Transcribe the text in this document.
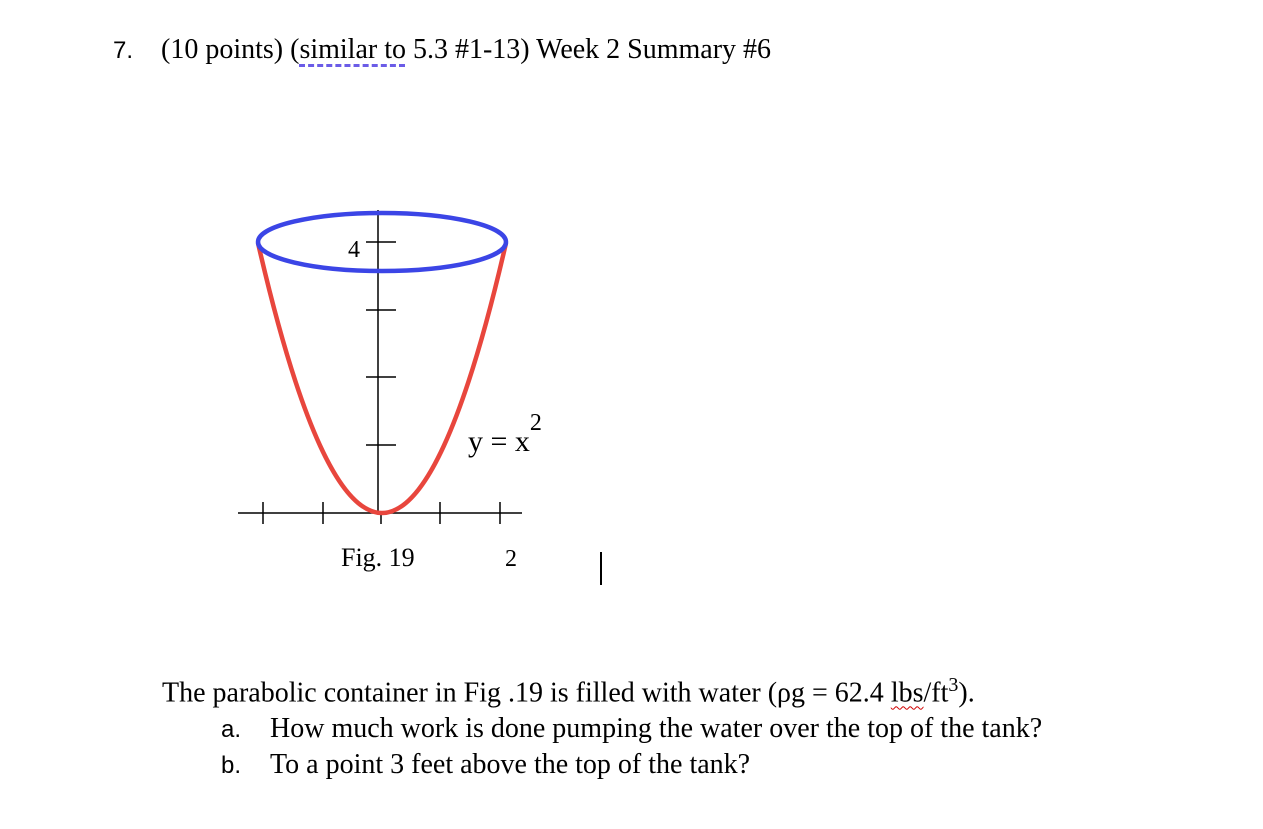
7. (10 points) (similar to 5.3 #1-13) Week 2 Summary #6
4
$y = x^2$
Fig. 19	2

The parabolic container in Fig .19 is filled with water (ρg = 62.4 lbs/$ft^3$).

a. How much work is done pumping the water over the top of the tank?
b. To a point 3 feet above the top of the tank?
